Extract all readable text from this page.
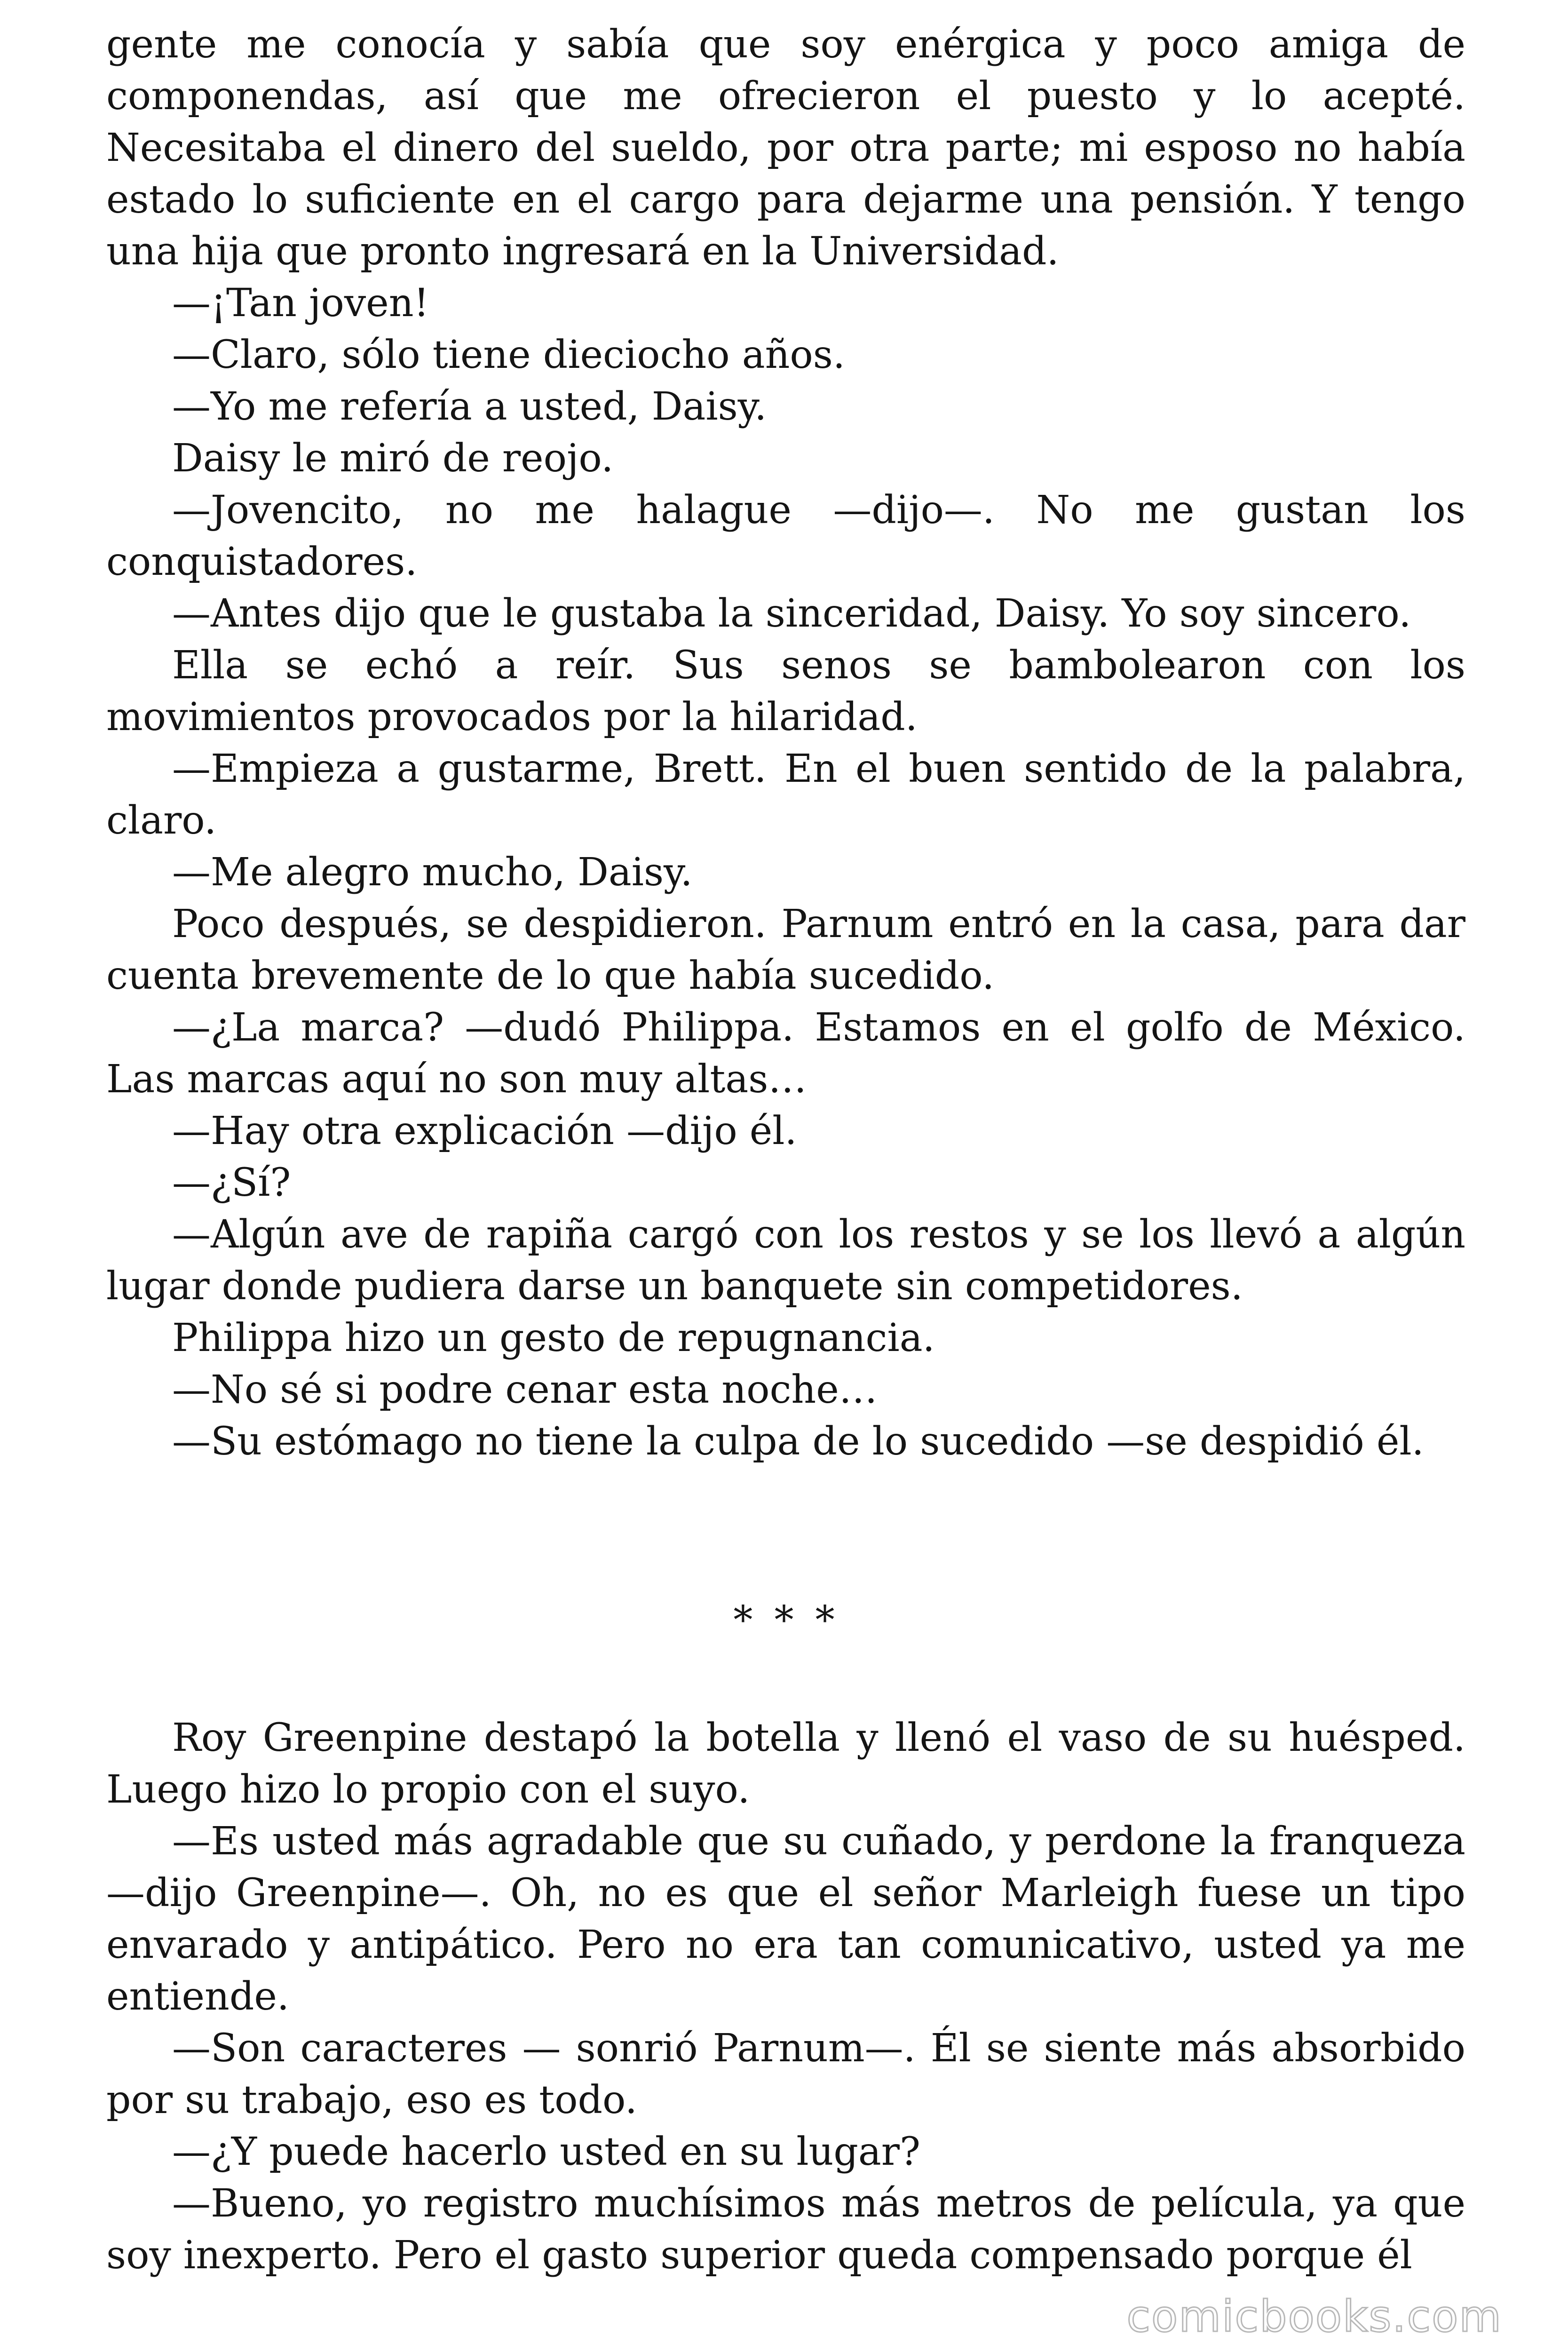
gente me conocía y sabía que soy enérgica y poco amiga de componendas, así que me ofrecieron el puesto y lo acepté. Necesitaba el dinero del sueldo, por otra parte; mi esposo no había estado lo suficiente en el cargo para dejarme una pensión. Y tengo una hija que pronto ingresará en la Universidad.

—¡Tan joven!

—Claro, sólo tiene dieciocho años.

—Yo me refería a usted, Daisy.

Daisy le miró de reojo.

—Jovencito, no me halague —dijo—. No me gustan los conquistadores.

—Antes dijo que le gustaba la sinceridad, Daisy. Yo soy sincero.

Ella se echó a reír. Sus senos se bambolearon con los movimientos provocados por la hilaridad.

—Empieza a gustarme, Brett. En el buen sentido de la palabra, claro.

—Me alegro mucho, Daisy.

Poco después, se despidieron. Parnum entró en la casa, para dar cuenta brevemente de lo que había sucedido.

—¿La marca? —dudó Philippa. Estamos en el golfo de México. Las marcas aquí no son muy altas…

—Hay otra explicación —dijo él.

—¿Sí?

—Algún ave de rapiña cargó con los restos y se los llevó a algún lugar donde pudiera darse un banquete sin competidores.

Philippa hizo un gesto de repugnancia.

—No sé si podre cenar esta noche…

—Su estómago no tiene la culpa de lo sucedido —se despidió él.

* * *

Roy Greenpine destapó la botella y llenó el vaso de su huésped. Luego hizo lo propio con el suyo.

—Es usted más agradable que su cuñado, y perdone la franqueza —dijo Greenpine—. Oh, no es que el señor Marleigh fuese un tipo envarado y antipático. Pero no era tan comunicativo, usted ya me entiende.

—Son caracteres — sonrió Parnum—. Él se siente más absorbido por su trabajo, eso es todo.

—¿Y puede hacerlo usted en su lugar?

—Bueno, yo registro muchísimos más metros de película, ya que soy inexperto. Pero el gasto superior queda compensado porque él

comicbooks.com
